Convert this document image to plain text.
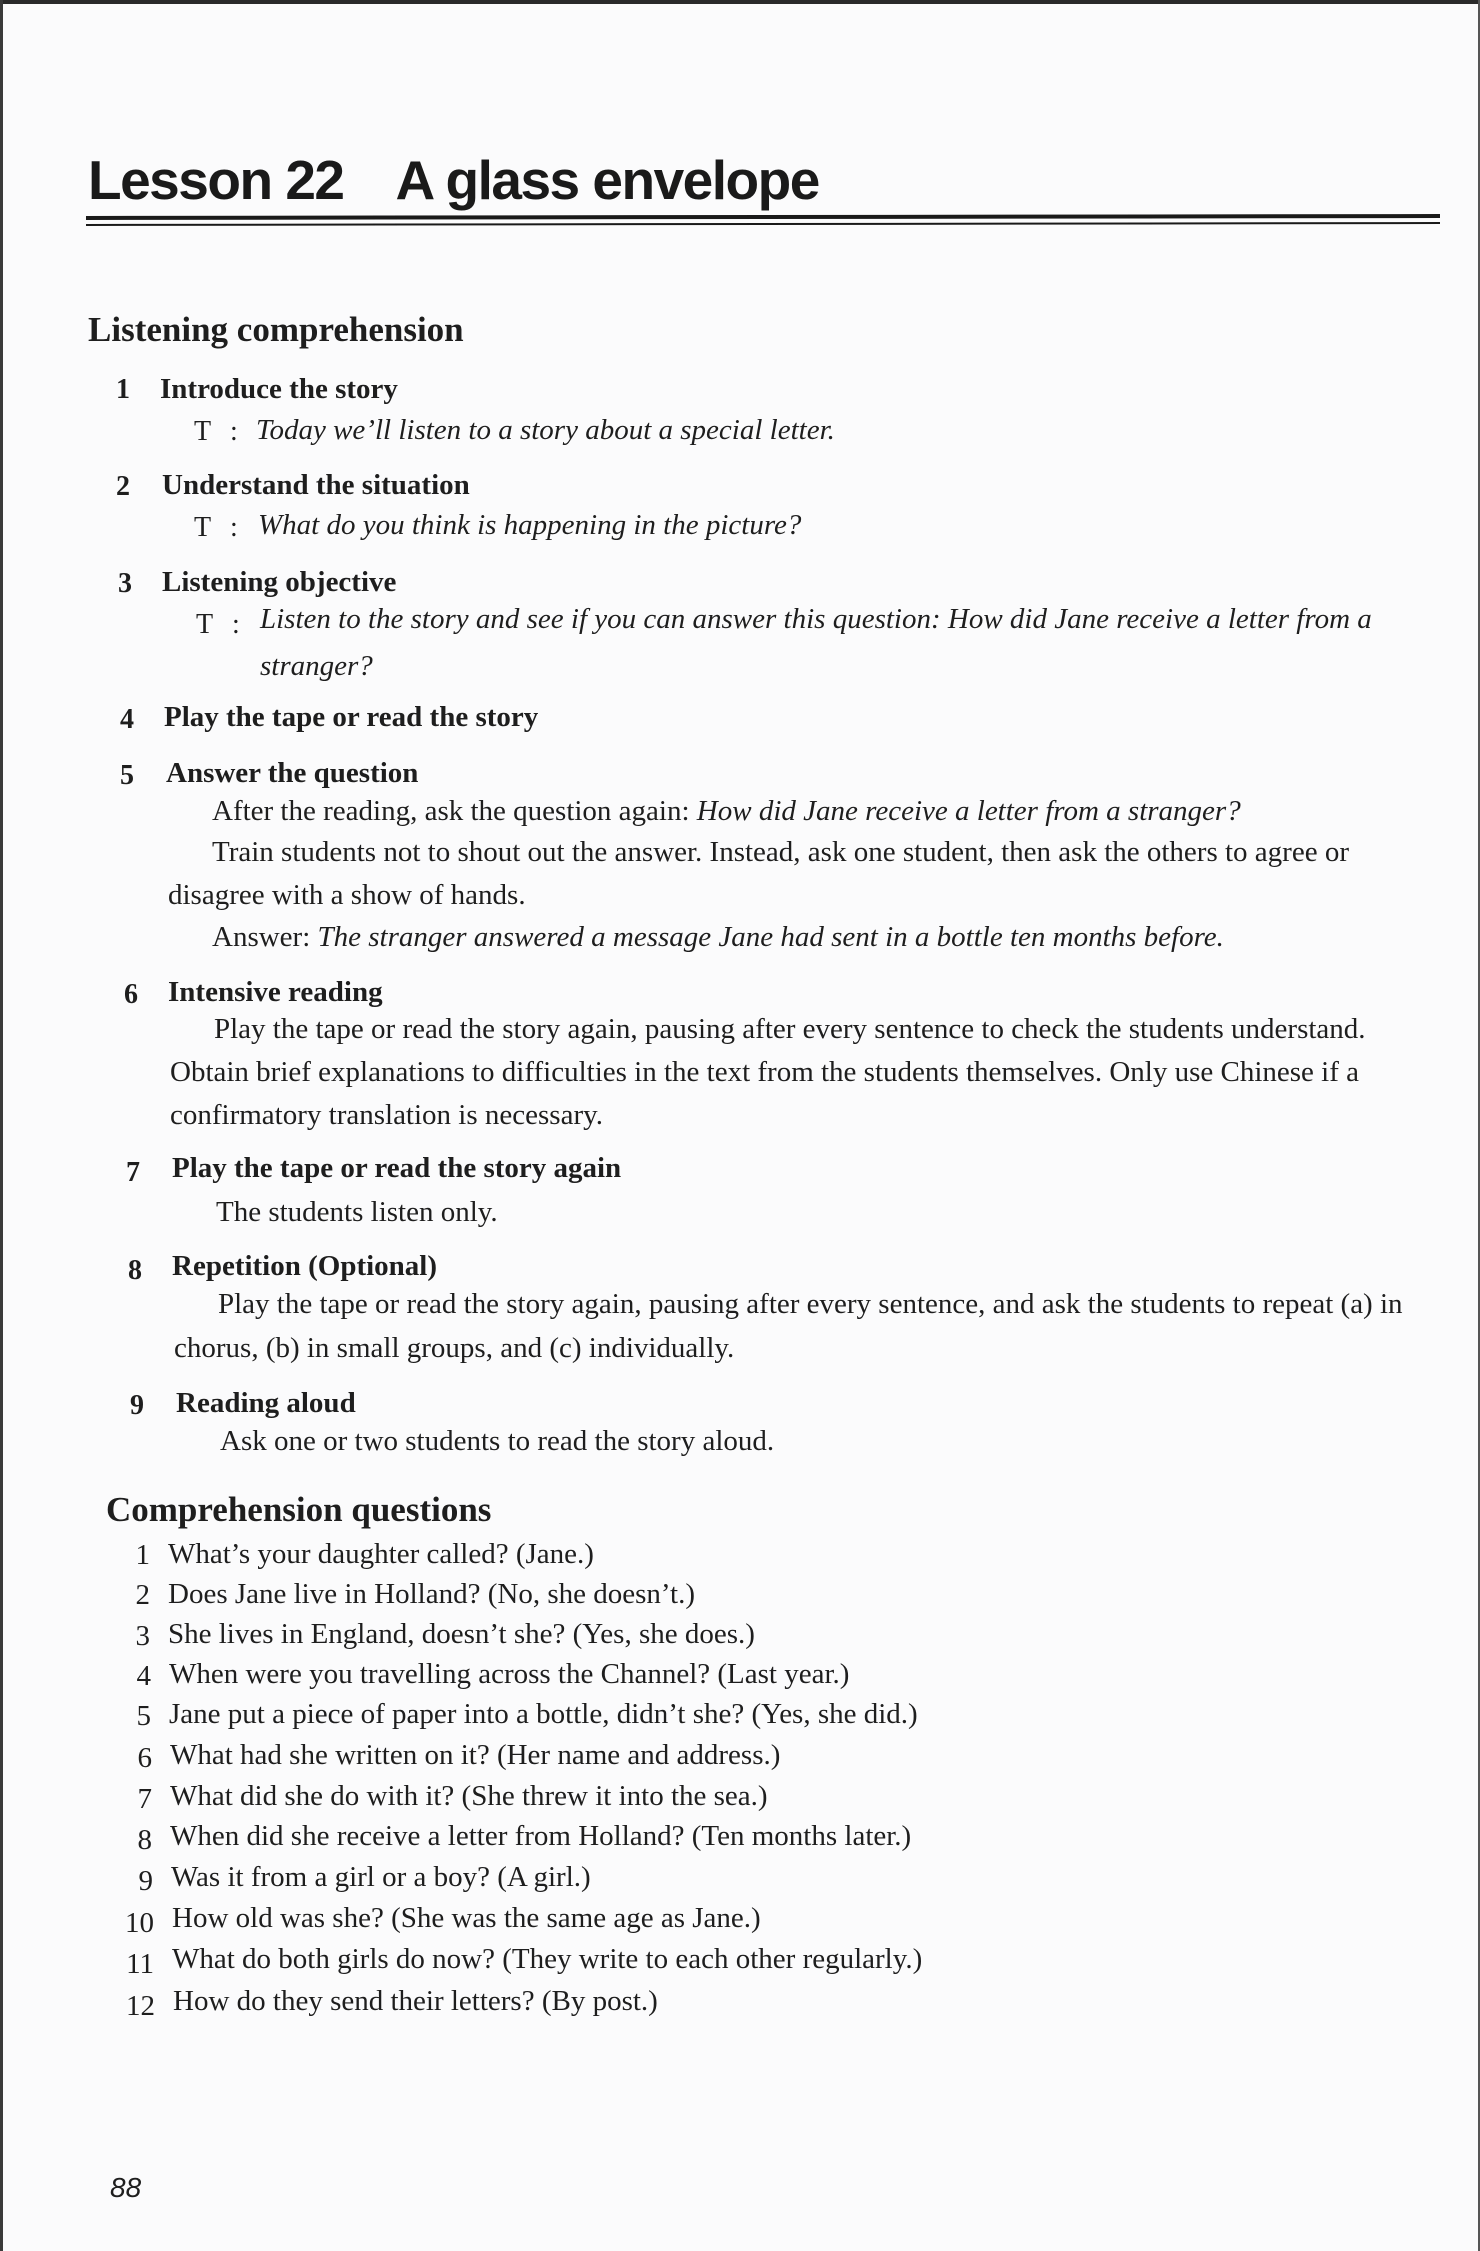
Lesson 22 A glass envelope
Listening comprehension
1 Introduce the story
T : Today we’ll listen to a story about a special letter.
2 Understand the situation
T : What do you think is happening in the picture?
3 Listening objective
T : Listen to the story and see if you can answer this question: How did Jane receive a letter from a
stranger?
4 Play the tape or read the story
5 Answer the question
After the reading, ask the question again: How did Jane receive a letter from a stranger?
Train students not to shout out the answer. Instead, ask one student, then ask the others to agree or
disagree with a show of hands.
Answer: The stranger answered a message Jane had sent in a bottle ten months before.
6 Intensive reading
Play the tape or read the story again, pausing after every sentence to check the students understand.
Obtain brief explanations to difficulties in the text from the students themselves. Only use Chinese if a
confirmatory translation is necessary.
7 Play the tape or read the story again
The students listen only.
8 Repetition (Optional)
Play the tape or read the story again, pausing after every sentence, and ask the students to repeat (a) in
chorus, (b) in small groups, and (c) individually.
9 Reading aloud
Ask one or two students to read the story aloud.
Comprehension questions
1 What’s your daughter called? (Jane.)
2 Does Jane live in Holland? (No, she doesn’t.)
3 She lives in England, doesn’t she? (Yes, she does.)
4 When were you travelling across the Channel? (Last year.)
5 Jane put a piece of paper into a bottle, didn’t she? (Yes, she did.)
6 What had she written on it? (Her name and address.)
7 What did she do with it? (She threw it into the sea.)
8 When did she receive a letter from Holland? (Ten months later.)
9 Was it from a girl or a boy? (A girl.)
10 How old was she? (She was the same age as Jane.)
11 What do both girls do now? (They write to each other regularly.)
12 How do they send their letters? (By post.)
88
